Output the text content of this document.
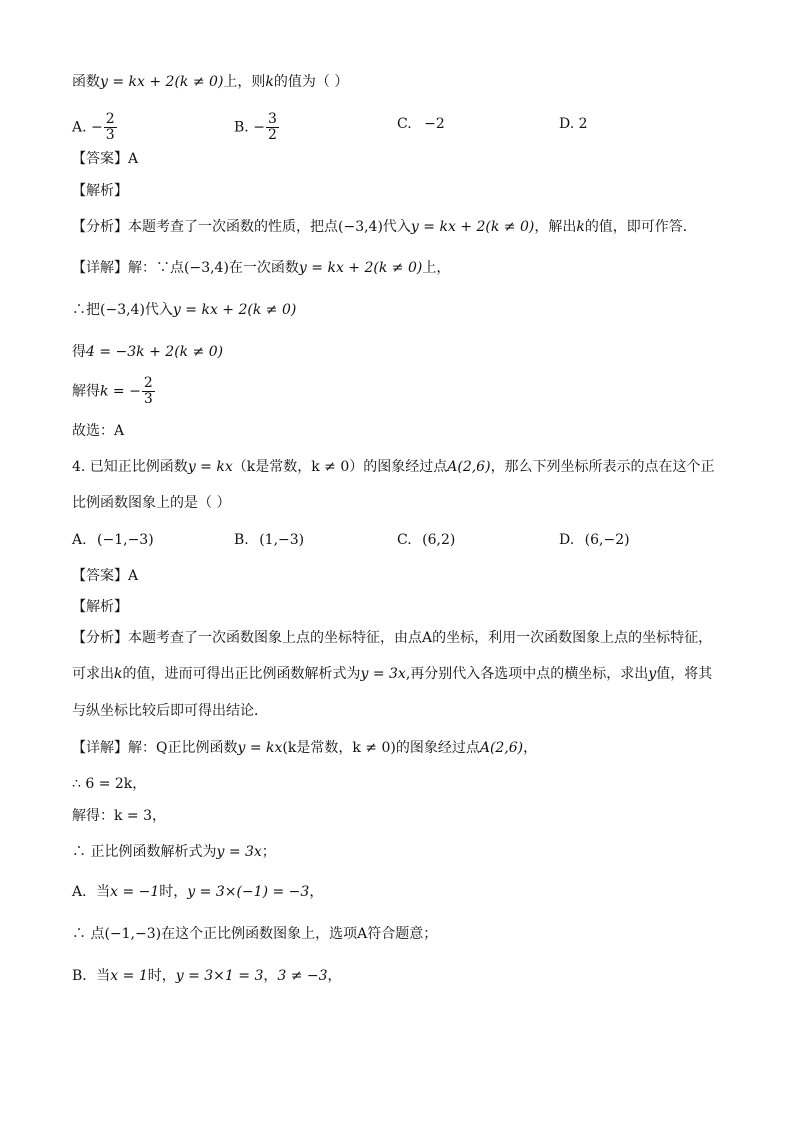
函数y = kx + 2(k ≠ 0)上，则k的值为（ ）
A. − $\frac{2}{3}$	B. − $\frac{3}{2}$	C. −2	D. 2
【答案】A
【解析】
【分析】本题考查了一次函数的性质，把点(−3,4)代入y = kx + 2(k ≠ 0)，解出k的值，即可作答．
【详解】解：∵点(−3,4)在一次函数y = kx + 2(k ≠ 0)上，
∴把(−3,4)代入y = kx + 2(k ≠ 0)
得4 = −3k + 2(k ≠ 0)
解得k = − $\frac{2}{3}$
故选：A
4. 已知正比例函数y = kx（k是常数，k ≠ 0）的图象经过点A(2,6)，那么下列坐标所表示的点在这个正
比例函数图象上的是（ ）
A. (−1,−3)	B. (1,−3)	C. (6,2)	D. (6,−2)
【答案】A
【解析】
【分析】本题考查了一次函数图象上点的坐标特征，由点A的坐标，利用一次函数图象上点的坐标特征，
可求出k的值，进而可得出正比例函数解析式为y = 3x,再分别代入各选项中点的横坐标，求出y值，将其
与纵坐标比较后即可得出结论．
【详解】解：Q正比例函数y = kx(k是常数，k ≠ 0)的图象经过点A(2,6)，
∴ 6 = 2k，
解得：k = 3，
∴ 正比例函数解析式为y = 3x；
A．当x = −1时，y = 3×(−1) = −3，
∴ 点(−1,−3)在这个正比例函数图象上，选项A符合题意；
B．当x = 1时，y = 3×1 = 3，3 ≠ −3，
